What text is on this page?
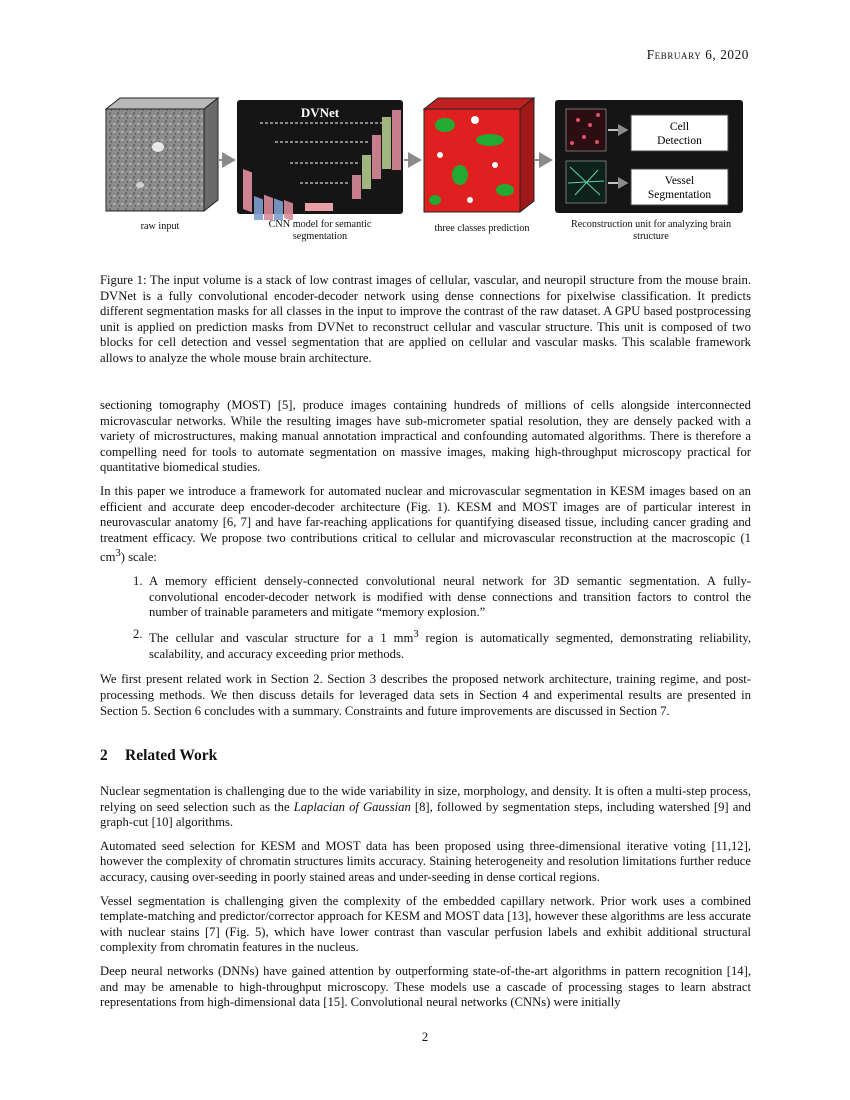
February 6, 2020
DVNet
Cell
Detection
Vessel
Segmentation
raw input	CNN model for semantic segmentation
three classes prediction	Reconstruction unit for analyzing brain structure
Figure 1: The input volume is a stack of low contrast images of cellular, vascular, and neuropil structure from the mouse brain. DVNet is a fully convolutional encoder-decoder network using dense connections for pixelwise classification. It predicts different segmentation masks for all classes in the input to improve the contrast of the raw dataset. A GPU based postprocessing unit is applied on prediction masks from DVNet to reconstruct cellular and vascular structure. This unit is composed of two blocks for cell detection and vessel segmentation that are applied on cellular and vascular masks. This scalable framework allows to analyze the whole mouse brain architecture.

sectioning tomography (MOST) [5], produce images containing hundreds of millions of cells alongside interconnected microvascular networks. While the resulting images have sub-micrometer spatial resolution, they are densely packed with a variety of microstructures, making manual annotation impractical and confounding automated algorithms. There is therefore a compelling need for tools to automate segmentation on massive images, making high-throughput microscopy practical for quantitative biomedical studies.

In this paper we introduce a framework for automated nuclear and microvascular segmentation in KESM images based on an efficient and accurate deep encoder-decoder architecture (Fig. 1). KESM and MOST images are of particular interest in neurovascular anatomy [6, 7] and have far-reaching applications for quantifying diseased tissue, including cancer grading and treatment efficacy. We propose two contributions critical to cellular and microvascular reconstruction at the macroscopic (1 $cm^3$) scale:

1. A memory efficient densely-connected convolutional neural network for 3D semantic segmentation. A fully-convolutional encoder-decoder network is modified with dense connections and transition factors to control the number of trainable parameters and mitigate “memory explosion.”
2. The cellular and vascular structure for a 1 $mm^3$ region is automatically segmented, demonstrating reliability, scalability, and accuracy exceeding prior methods.

We first present related work in Section 2. Section 3 describes the proposed network architecture, training regime, and post-processing methods. We then discuss details for leveraged data sets in Section 4 and experimental results are presented in Section 5. Section 6 concludes with a summary. Constraints and future improvements are discussed in Section 7.

2 Related Work

Nuclear segmentation is challenging due to the wide variability in size, morphology, and density. It is often a multi-step process, relying on seed selection such as the Laplacian of Gaussian [8], followed by segmentation steps, including watershed [9] and graph-cut [10] algorithms.

Automated seed selection for KESM and MOST data has been proposed using three-dimensional iterative voting [11,12], however the complexity of chromatin structures limits accuracy. Staining heterogeneity and resolution limitations further reduce accuracy, causing over-seeding in poorly stained areas and under-seeding in dense cortical regions.

Vessel segmentation is challenging given the complexity of the embedded capillary network. Prior work uses a combined template-matching and predictor/corrector approach for KESM and MOST data [13], however these algorithms are less accurate with nuclear stains [7] (Fig. 5), which have lower contrast than vascular perfusion labels and exhibit additional structural complexity from chromatin features in the nucleus.

Deep neural networks (DNNs) have gained attention by outperforming state-of-the-art algorithms in pattern recognition [14], and may be amenable to high-throughput microscopy. These models use a cascade of processing stages to learn abstract representations from high-dimensional data [15]. Convolutional neural networks (CNNs) were initially

2
